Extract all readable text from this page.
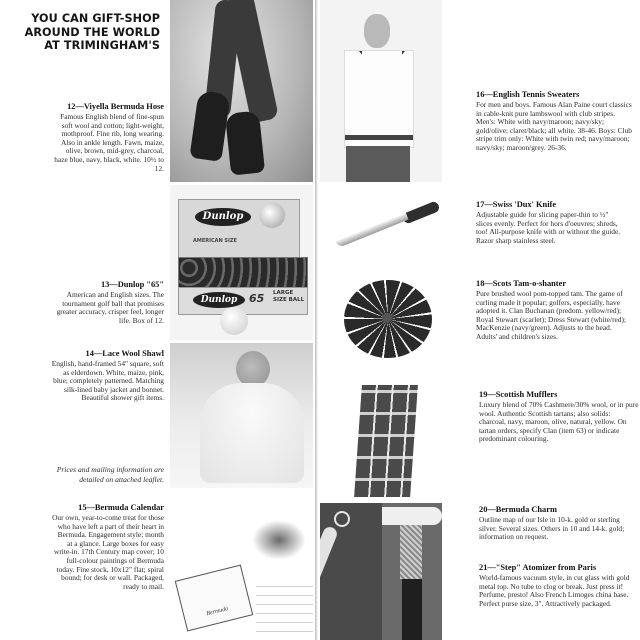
YOU CAN GIFT-SHOP
AROUND THE WORLD
AT TRIMINGHAM'S
12—Viyella Bermuda Hose
Famous English blend of fine-spun soft wool and cotton; light-weight, mothproof. Fine rib, long wearing. Also in ankle length. Fawn, maize, olive, brown, mid-grey, charcoal, haze blue, navy, black, white. 10½ to 12.
13—Dunlop "65"
American and English sizes. The tournament golf ball that promises greater accuracy, crisper feel, longer life. Box of 12.
14—Lace Wool Shawl
English, hand-framed 54" square, soft as elderdown. White, maize, pink, blue; completely patterned. Matching silk-lined baby jacket and bonnet. Beautiful shower gift items.
Prices and mailing information are detailed on attached leaflet.
15—Bermuda Calendar
Our own, year-to-come treat for those who have left a part of their heart in Bermuda. Engagement style; month at a glance. Large boxes for easy write-in. 17th Century map cover; 10 full-colour paintings of Bermuda today. Fine stock, 10x12" flat; spiral bound; for desk or wall. Packaged, ready to mail.
Dunlop
AMERICAN SIZE
Dunlop	65 LARGE
SIZE BALL
Bermuda
16—English Tennis Sweaters
For men and boys. Famous Alan Paine court classics in cable-knit pure lambswool with club stripes. Men's: White with navy/maroon; navy/sky; gold/olive; claret/black; all white. 38-46. Boys: Club stripe trim only: White with twin red; navy/maroon; navy/sky; maroon/grey. 26-36.
17—Swiss 'Dux' Knife
Adjustable guide for slicing paper-thin to ½" slices evenly. Perfect for hors d'oeuvres; shreds, too! All-purpose knife with or without the guide. Razor sharp stainless steel.
18—Scots Tam-o-shanter
Pure brushed wool pom-topped tam. The game of curling made it popular; golfers, especially, have adopted it. Clan Buchanan (predom. yellow/red); Royal Stewart (scarlet); Dress Stewart (white/red); MacKenzie (navy/green). Adjusts to the head. Adults' and children's sizes.
19—Scottish Mufflers
Luxury blend of 70% Cashmere/30% wool, or in pure wool. Authentic Scottish tartans; also solids: charcoal, navy, maroon, olive, natural, yellow. On tartan orders, specify Clan (item 63) or indicate predominant colouring.
20—Bermuda Charm
Outline map of our Isle in 10-k. gold or sterling silver. Several sizes. Others in 10 and 14-k. gold; information on request.
21—"Step" Atomizer from Paris
World-famous vacuum style, in cut glass with gold metal top. No tube to clog or break. Just press it! Perfume, presto! Also French Limoges china base. Perfect purse size, 3". Attractively packaged.
